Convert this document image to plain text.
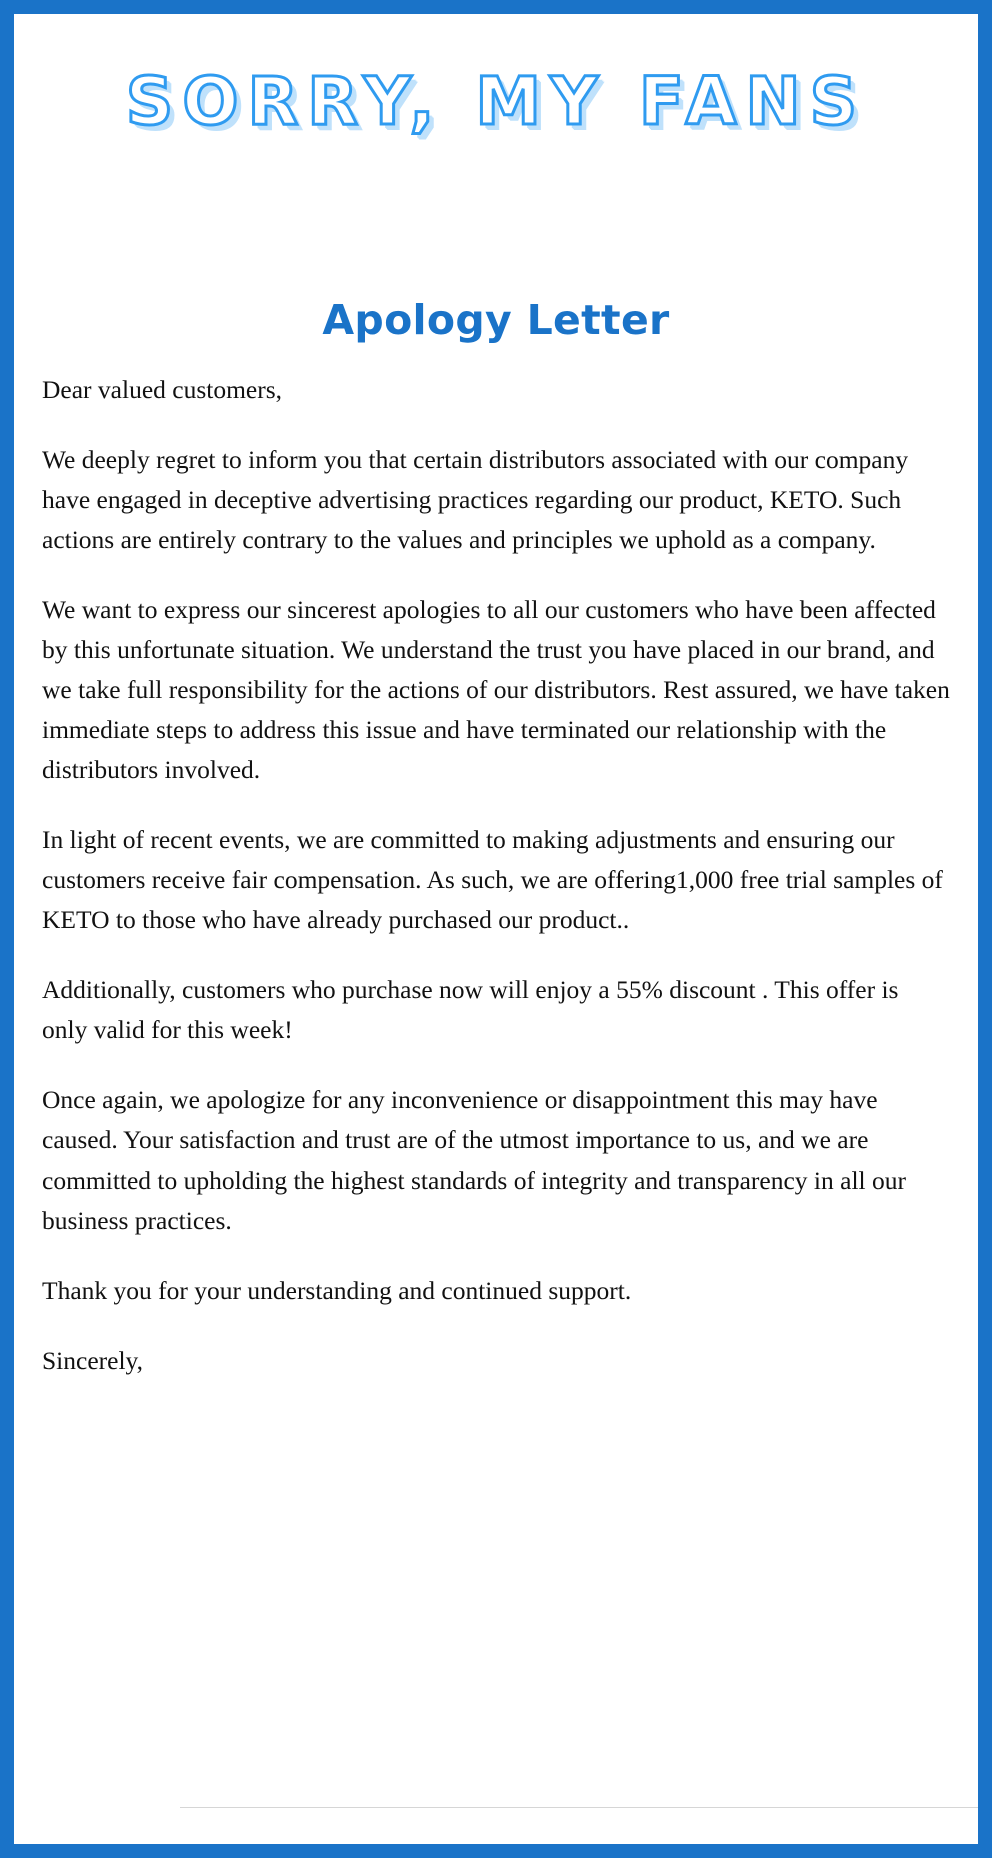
SORRY, MY FANS
Apology Letter

Dear valued customers,

We deeply regret to inform you that certain distributors associated with our company have engaged in deceptive advertising practices regarding our product, KETO. Such actions are entirely contrary to the values and principles we uphold as a company.

We want to express our sincerest apologies to all our customers who have been affected by this unfortunate situation. We understand the trust you have placed in our brand, and we take full responsibility for the actions of our distributors. Rest assured, we have taken immediate steps to address this issue and have terminated our relationship with the distributors involved.

In light of recent events, we are committed to making adjustments and ensuring our customers receive fair compensation. As such, we are offering1,000 free trial samples of KETO to those who have already purchased our product..

Additionally, customers who purchase now will enjoy a 55% discount . This offer is only valid for this week!

Once again, we apologize for any inconvenience or disappointment this may have caused. Your satisfaction and trust are of the utmost importance to us, and we are committed to upholding the highest standards of integrity and transparency in all our business practices.

Thank you for your understanding and continued support.

Sincerely,
